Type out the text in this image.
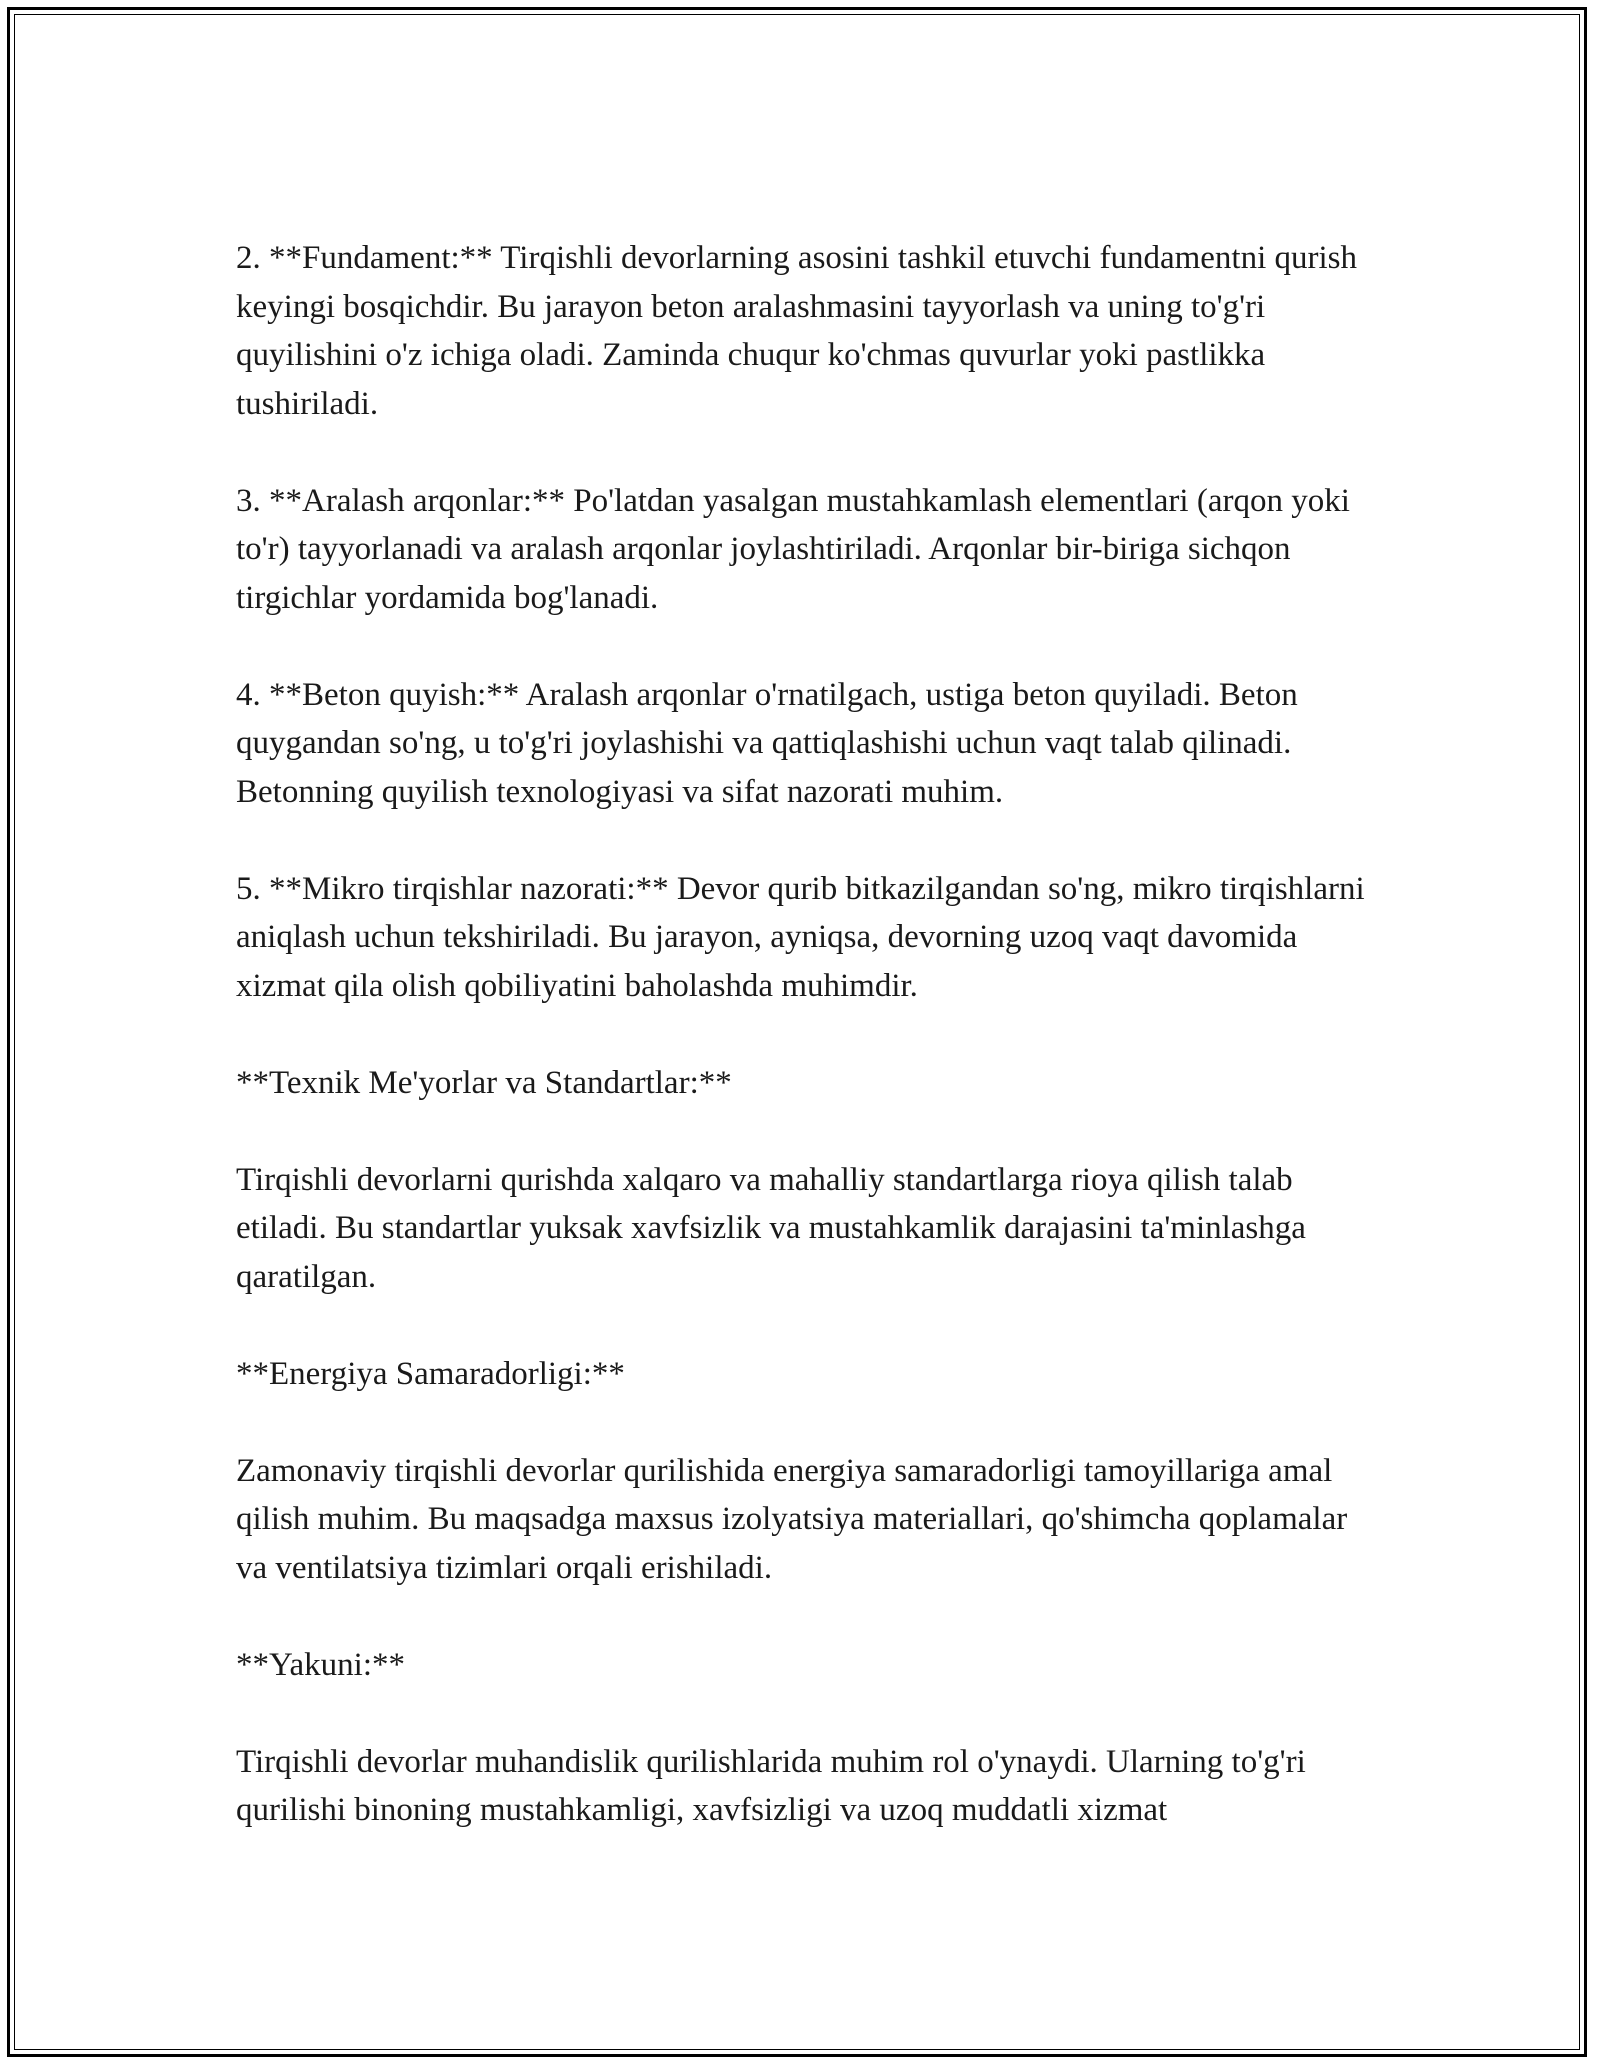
2. **Fundament:** Tirqishli devorlarning asosini tashkil etuvchi fundamentni qurish keyingi bosqichdir. Bu jarayon beton aralashmasini tayyorlash va uning to'g'ri quyilishini o'z ichiga oladi. Zaminda chuqur ko'chmas quvurlar yoki pastlikka tushiriladi.

3. **Aralash arqonlar:** Po'latdan yasalgan mustahkamlash elementlari (arqon yoki to'r) tayyorlanadi va aralash arqonlar joylashtiriladi. Arqonlar bir-biriga sichqon tirgichlar yordamida bog'lanadi.

4. **Beton quyish:** Aralash arqonlar o'rnatilgach, ustiga beton quyiladi. Beton quygandan so'ng, u to'g'ri joylashishi va qattiqlashishi uchun vaqt talab qilinadi. Betonning quyilish texnologiyasi va sifat nazorati muhim.

5. **Mikro tirqishlar nazorati:** Devor qurib bitkazilgandan so'ng, mikro tirqishlarni aniqlash uchun tekshiriladi. Bu jarayon, ayniqsa, devorning uzoq vaqt davomida xizmat qila olish qobiliyatini baholashda muhimdir.

**Texnik Me'yorlar va Standartlar:**

Tirqishli devorlarni qurishda xalqaro va mahalliy standartlarga rioya qilish talab etiladi. Bu standartlar yuksak xavfsizlik va mustahkamlik darajasini ta'minlashga qaratilgan.

**Energiya Samaradorligi:**

Zamonaviy tirqishli devorlar qurilishida energiya samaradorligi tamoyillariga amal qilish muhim. Bu maqsadga maxsus izolyatsiya materiallari, qo'shimcha qoplamalar va ventilatsiya tizimlari orqali erishiladi.

**Yakuni:**

Tirqishli devorlar muhandislik qurilishlarida muhim rol o'ynaydi. Ularning to'g'ri qurilishi binoning mustahkamligi, xavfsizligi va uzoq muddatli xizmat
